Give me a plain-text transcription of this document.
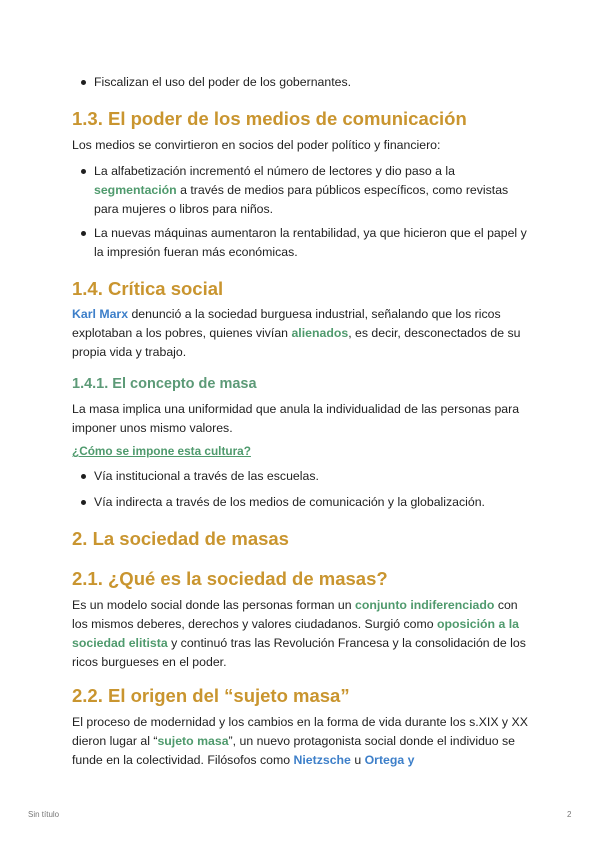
Fiscalizan el uso del poder de los gobernantes.

1.3. El poder de los medios de comunicación

Los medios se convirtieron en socios del poder político y financiero:

La alfabetización incrementó el número de lectores y dio paso a la segmentación a través de medios para públicos específicos, como revistas para mujeres o libros para niños.

La nuevas máquinas aumentaron la rentabilidad, ya que hicieron que el papel y la impresión fueran más económicas.

1.4. Crítica social

Karl Marx denunció a la sociedad burguesa industrial, señalando que los ricos explotaban a los pobres, quienes vivían alienados, es decir, desconectados de su propia vida y trabajo.

1.4.1. El concepto de masa

La masa implica una uniformidad que anula la individualidad de las personas para imponer unos mismo valores.

¿Cómo se impone esta cultura?

Vía institucional a través de las escuelas.

Vía indirecta a través de los medios de comunicación y la globalización.

2. La sociedad de masas
2.1. ¿Qué es la sociedad de masas?

Es un modelo social donde las personas forman un conjunto indiferenciado con los mismos deberes, derechos y valores ciudadanos. Surgió como oposición a la sociedad elitista y continuó tras las Revolución Francesa y la consolidación de los ricos burgueses en el poder.

2.2. El origen del “sujeto masa”

El proceso de modernidad y los cambios en la forma de vida durante los s.XIX y XX dieron lugar al “sujeto masa”, un nuevo protagonista social donde el individuo se funde en la colectividad. Filósofos como Nietzsche u Ortega y

Sin título	2
